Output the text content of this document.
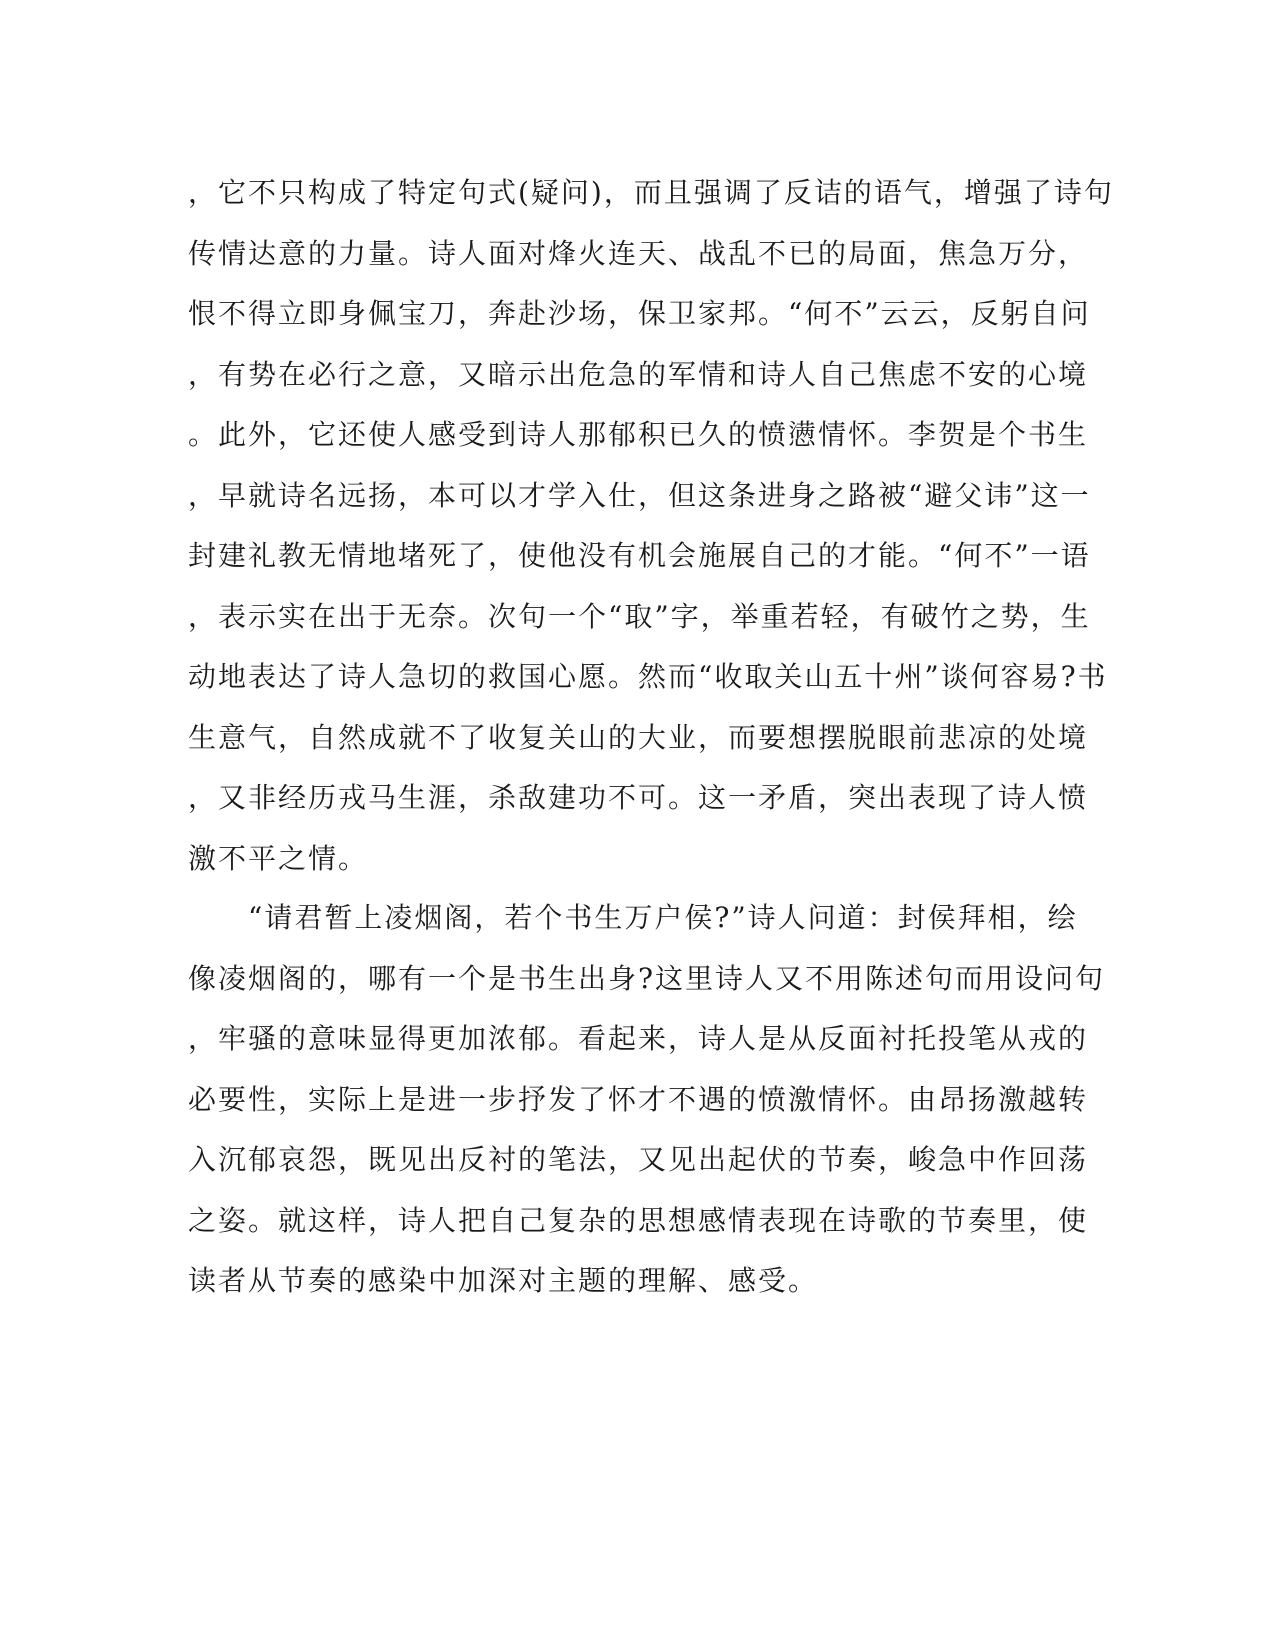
，它不只构成了特定句式(疑问)，而且强调了反诘的语气，增强了诗句
传情达意的力量。诗人面对烽火连天、战乱不已的局面，焦急万分，
恨不得立即身佩宝刀，奔赴沙场，保卫家邦。“何不”云云，反躬自问
，有势在必行之意，又暗示出危急的军情和诗人自己焦虑不安的心境
。此外，它还使人感受到诗人那郁积已久的愤懑情怀。李贺是个书生
，早就诗名远扬，本可以才学入仕，但这条进身之路被“避父讳”这一
封建礼教无情地堵死了，使他没有机会施展自己的才能。“何不”一语
，表示实在出于无奈。次句一个“取”字，举重若轻，有破竹之势，生
动地表达了诗人急切的救国心愿。然而“收取关山五十州”谈何容易?书
生意气，自然成就不了收复关山的大业，而要想摆脱眼前悲凉的处境
，又非经历戎马生涯，杀敌建功不可。这一矛盾，突出表现了诗人愤
激不平之情。
　　“请君暂上凌烟阁，若个书生万户侯?”诗人问道：封侯拜相，绘
像凌烟阁的，哪有一个是书生出身?这里诗人又不用陈述句而用设问句
，牢骚的意味显得更加浓郁。看起来，诗人是从反面衬托投笔从戎的
必要性，实际上是进一步抒发了怀才不遇的愤激情怀。由昂扬激越转
入沉郁哀怨，既见出反衬的笔法，又见出起伏的节奏，峻急中作回荡
之姿。就这样，诗人把自己复杂的思想感情表现在诗歌的节奏里，使
读者从节奏的感染中加深对主题的理解、感受。
